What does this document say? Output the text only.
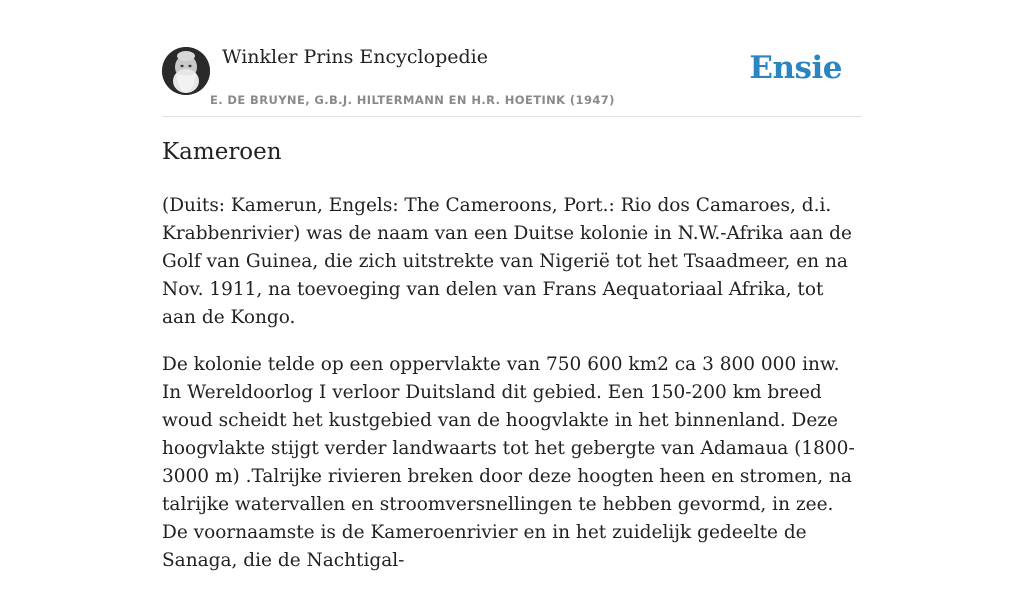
Winkler Prins Encyclopedie
E. DE BRUYNE, G.B.J. HILTERMANN EN H.R. HOETINK (1947)
Ensie
Kameroen

(Duits: Kamerun, Engels: The Cameroons, Port.: Rio dos Camaroes, d.i. Krabbenrivier) was de naam van een Duitse kolonie in N.W.-Afrika aan de Golf van Guinea, die zich uitstrekte van Nigerië tot het Tsaadmeer, en na Nov. 1911, na toevoeging van delen van Frans Aequatoriaal Afrika, tot aan de Kongo.

De kolonie telde op een oppervlakte van 750 600 km2 ca 3 800 000 inw. In Wereldoorlog I verloor Duitsland dit gebied. Een 150-200 km breed woud scheidt het kustgebied van de hoogvlakte in het binnenland. Deze hoogvlakte stijgt verder landwaarts tot het gebergte van Adamaua (1800-3000 m) .Talrijke rivieren breken door deze hoogten heen en stromen, na talrijke watervallen en stroomversnellingen te hebben gevormd, in zee. De voornaamste is de Kameroenrivier en in het zuidelijk gedeelte de Sanaga, die de Nachtigal-
